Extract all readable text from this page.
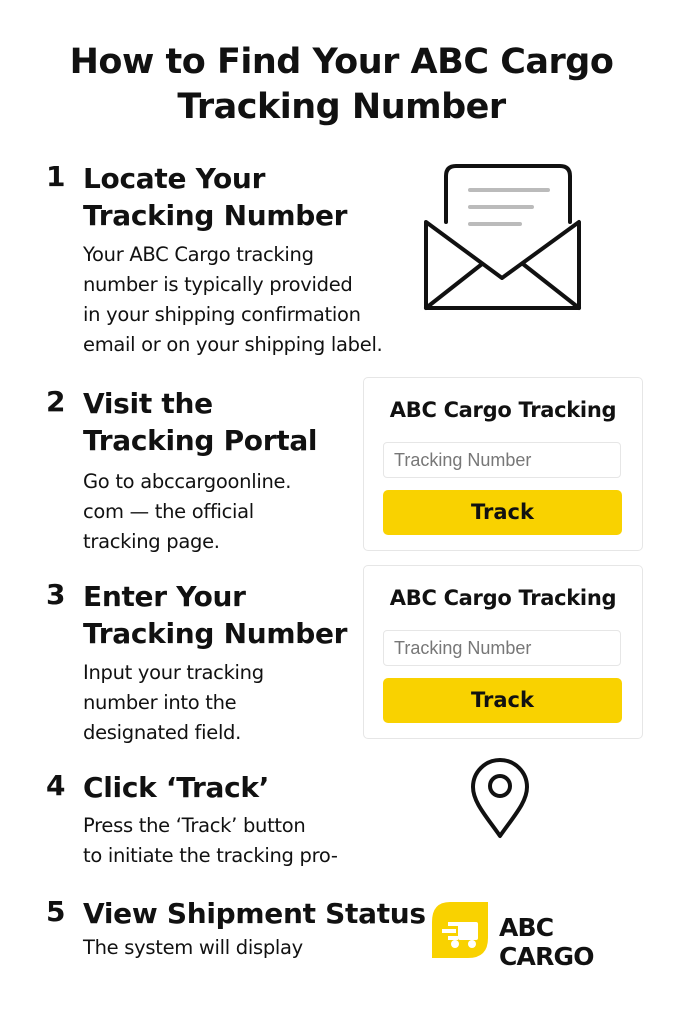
How to Find Your ABC Cargo
Tracking Number
1 Locate Your
Tracking Number
Your ABC Cargo tracking
number is typically provided
in your shipping confirmation
email or on your shipping label.
2 Visit the
Tracking Portal
Go to abccargoonline.
com — the official
tracking page.
3 Enter Your
Tracking Number
Input your tracking
number into the
designated field.
4 Click ‘Track’
Press the ‘Track’ button
to initiate the tracking pro-
5 View Shipment Status
The system will display
ABC Cargo Tracking
Tracking Number
Track
ABC Cargo Tracking
Tracking Number
Track
ABC CARGO
